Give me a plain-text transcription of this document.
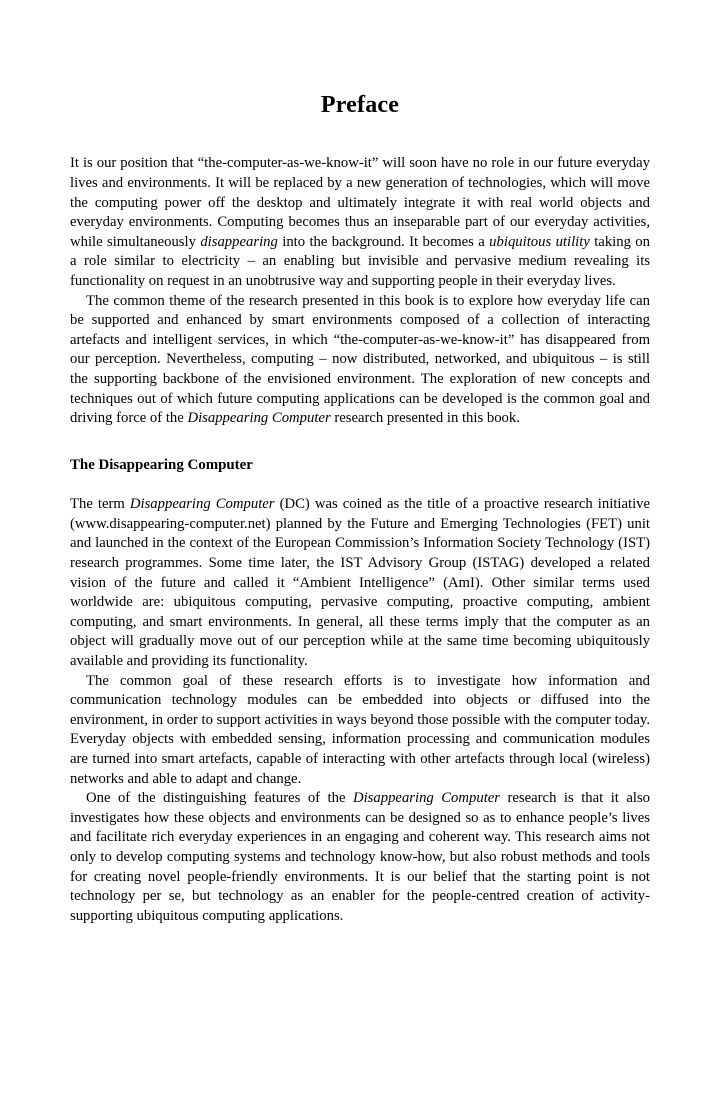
Preface

It is our position that “the-computer-as-we-know-it” will soon have no role in our future everyday lives and environments. It will be replaced by a new generation of technologies, which will move the computing power off the desktop and ultimately integrate it with real world objects and everyday environments. Computing becomes thus an inseparable part of our everyday activities, while simultaneously disappearing into the background. It becomes a ubiquitous utility taking on a role similar to electricity – an enabling but invisible and pervasive medium revealing its functionality on request in an unobtrusive way and supporting people in their everyday lives.

The common theme of the research presented in this book is to explore how everyday life can be supported and enhanced by smart environments composed of a collection of interacting artefacts and intelligent services, in which “the-computer-as-we-know-it” has disappeared from our perception. Nevertheless, computing – now distributed, networked, and ubiquitous – is still the supporting backbone of the envisioned environment. The exploration of new concepts and techniques out of which future computing applications can be developed is the common goal and driving force of the Disappearing Computer research presented in this book.

The Disappearing Computer

The term Disappearing Computer (DC) was coined as the title of a proactive research initiative (www.disappearing-computer.net) planned by the Future and Emerging Technologies (FET) unit and launched in the context of the European Commission’s Information Society Technology (IST) research programmes. Some time later, the IST Advisory Group (ISTAG) developed a related vision of the future and called it “Ambient Intelligence” (AmI). Other similar terms used worldwide are: ubiquitous computing, pervasive computing, proactive computing, ambient computing, and smart environments. In general, all these terms imply that the computer as an object will gradually move out of our perception while at the same time becoming ubiquitously available and providing its functionality.

The common goal of these research efforts is to investigate how information and communication technology modules can be embedded into objects or diffused into the environment, in order to support activities in ways beyond those possible with the computer today. Everyday objects with embedded sensing, information processing and communication modules are turned into smart artefacts, capable of interacting with other artefacts through local (wireless) networks and able to adapt and change.

One of the distinguishing features of the Disappearing Computer research is that it also investigates how these objects and environments can be designed so as to enhance people’s lives and facilitate rich everyday experiences in an engaging and coherent way. This research aims not only to develop computing systems and technology know-how, but also robust methods and tools for creating novel people-friendly environments. It is our belief that the starting point is not technology per se, but technology as an enabler for the people-centred creation of activity-supporting ubiquitous computing applications.
